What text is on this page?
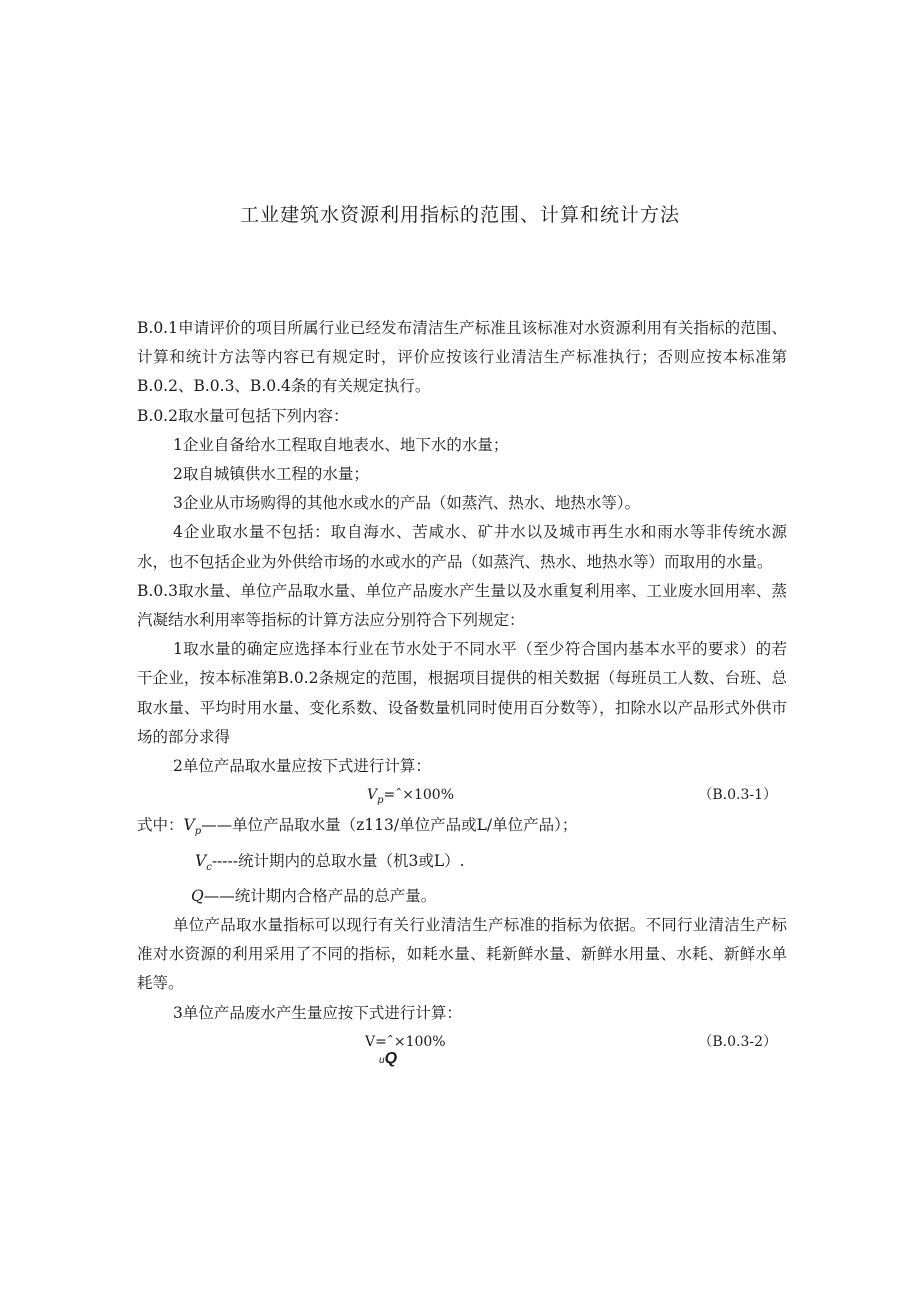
工业建筑水资源利用指标的范围、计算和统计方法

B.0.1申请评价的项目所属行业已经发布清洁生产标准且该标准对水资源利用有关指标的范围、计算和统计方法等内容已有规定时，评价应按该行业清洁生产标准执行；否则应按本标准第B.0.2、B.0.3、B.0.4条的有关规定执行。

B.0.2取水量可包括下列内容：

1企业自备给水工程取自地表水、地下水的水量；

2取自城镇供水工程的水量；

3企业从市场购得的其他水或水的产品（如蒸汽、热水、地热水等）。

4企业取水量不包括：取自海水、苦咸水、矿井水以及城市再生水和雨水等非传统水源水，也不包括企业为外供给市场的水或水的产品（如蒸汽、热水、地热水等）而取用的水量。

B.0.3取水量、单位产品取水量、单位产品废水产生量以及水重复利用率、工业废水回用率、蒸汽凝结水利用率等指标的计算方法应分别符合下列规定：

1取水量的确定应选择本行业在节水处于不同水平（至少符合国内基本水平的要求）的若干企业，按本标准第B.0.2条规定的范围，根据项目提供的相关数据（每班员工人数、台班、总取水量、平均时用水量、变化系数、设备数量机同时使用百分数等），扣除水以产品形式外供市场的部分求得

2单位产品取水量应按下式进行计算：

$V_p=ˆ\times 100\%$	（B.0.3-1）
式中：$V_p——$单位产品取水量（z113/单位产品或L/单位产品）；
$V_c-----$统计期内的总取水量（机3或L）.
Q——统计期内合格产品的总产量。

单位产品取水量指标可以现行有关行业清洁生产标准的指标为依据。不同行业清洁生产标准对水资源的利用采用了不同的指标，如耗水量、耗新鲜水量、新鲜水用量、水耗、新鲜水单耗等。

3单位产品废水产生量应按下式进行计算：

V=ˆ×100%
uQ
（B.0.3-2）
